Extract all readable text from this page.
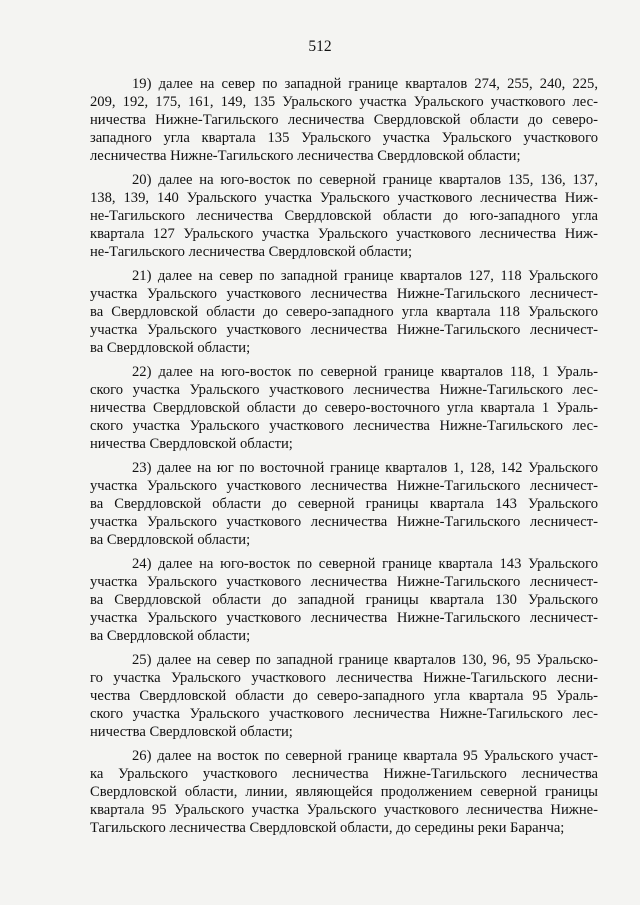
512

19) далее на север по западной границе кварталов 274, 255, 240, 225,
209, 192, 175, 161, 149, 135 Уральского участка Уральского участкового лес-
ничества Нижне-Тагильского лесничества Свердловской области до северо-
западного угла квартала 135 Уральского участка Уральского участкового
лесничества Нижне-Тагильского лесничества Свердловской области;

20) далее на юго-восток по северной границе кварталов 135, 136, 137,
138, 139, 140 Уральского участка Уральского участкового лесничества Ниж-
не-Тагильского лесничества Свердловской области до юго-западного угла
квартала 127 Уральского участка Уральского участкового лесничества Ниж-
не-Тагильского лесничества Свердловской области;

21) далее на север по западной границе кварталов 127, 118 Уральского
участка Уральского участкового лесничества Нижне-Тагильского лесничест-
ва Свердловской области до северо-западного угла квартала 118 Уральского
участка Уральского участкового лесничества Нижне-Тагильского лесничест-
ва Свердловской области;

22) далее на юго-восток по северной границе кварталов 118, 1 Ураль-
ского участка Уральского участкового лесничества Нижне-Тагильского лес-
ничества Свердловской области до северо-восточного угла квартала 1 Ураль-
ского участка Уральского участкового лесничества Нижне-Тагильского лес-
ничества Свердловской области;

23) далее на юг по восточной границе кварталов 1, 128, 142 Уральского
участка Уральского участкового лесничества Нижне-Тагильского лесничест-
ва Свердловской области до северной границы квартала 143 Уральского
участка Уральского участкового лесничества Нижне-Тагильского лесничест-
ва Свердловской области;

24) далее на юго-восток по северной границе квартала 143 Уральского
участка Уральского участкового лесничества Нижне-Тагильского лесничест-
ва Свердловской области до западной границы квартала 130 Уральского
участка Уральского участкового лесничества Нижне-Тагильского лесничест-
ва Свердловской области;

25) далее на север по западной границе кварталов 130, 96, 95 Уральско-
го участка Уральского участкового лесничества Нижне-Тагильского лесни-
чества Свердловской области до северо-западного угла квартала 95 Ураль-
ского участка Уральского участкового лесничества Нижне-Тагильского лес-
ничества Свердловской области;

26) далее на восток по северной границе квартала 95 Уральского участ-
ка Уральского участкового лесничества Нижне-Тагильского лесничества
Свердловской области, линии, являющейся продолжением северной границы
квартала 95 Уральского участка Уральского участкового лесничества Нижне-
Тагильского лесничества Свердловской области, до середины реки Баранча;
